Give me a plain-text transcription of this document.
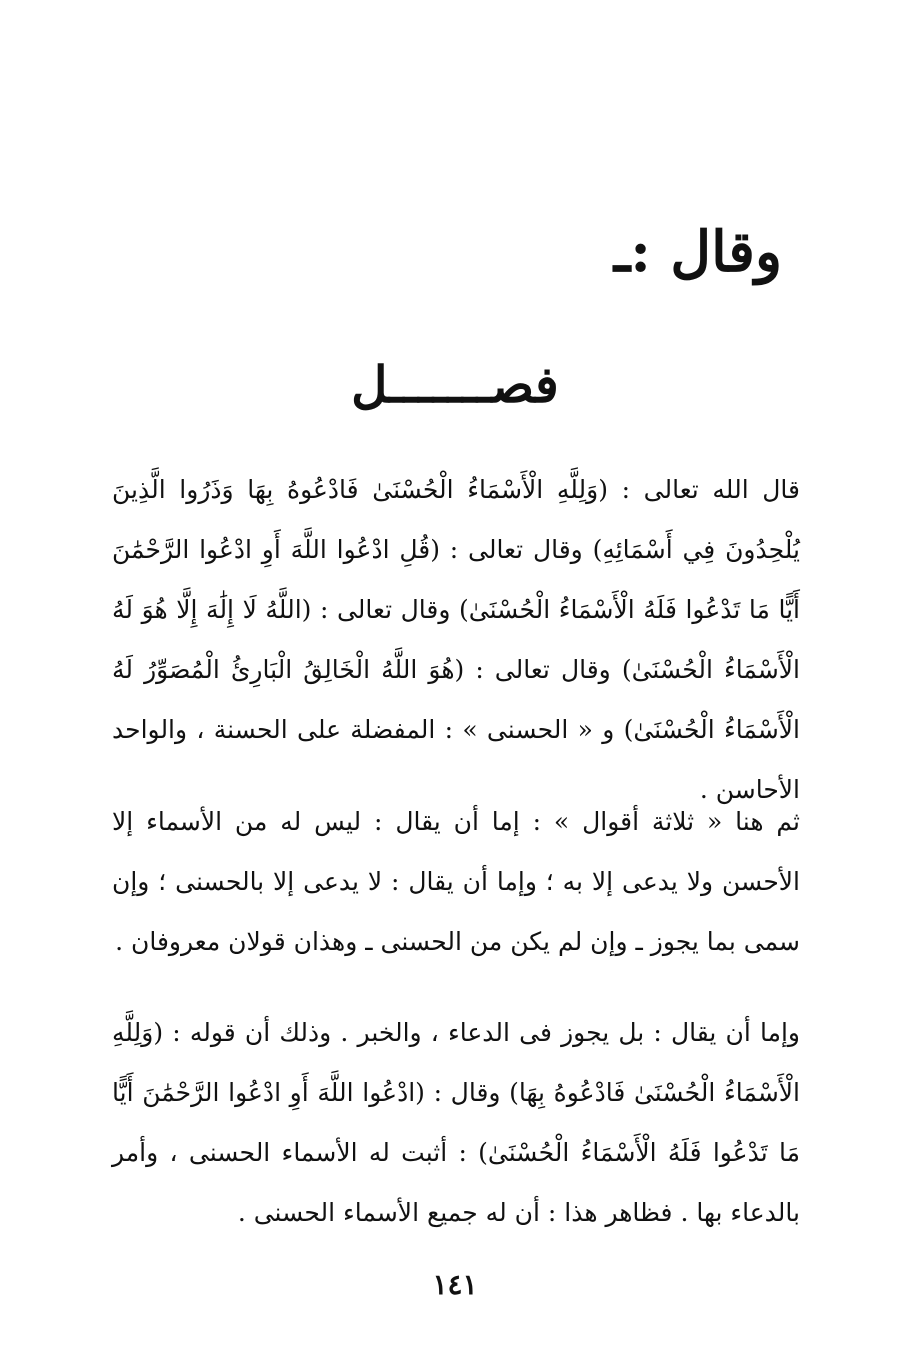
وقال :ـ
فصـــــــل

قال الله تعالى : (وَلِلَّهِ الْأَسْمَاءُ الْحُسْنَىٰ فَادْعُوهُ بِهَا وَذَرُوا الَّذِينَ يُلْحِدُونَ فِي أَسْمَائِهِ) وقال تعالى : (قُلِ ادْعُوا اللَّهَ أَوِ ادْعُوا الرَّحْمَٰنَ أَيًّا مَا تَدْعُوا فَلَهُ الْأَسْمَاءُ الْحُسْنَىٰ) وقال تعالى : (اللَّهُ لَا إِلَٰهَ إِلَّا هُوَ لَهُ الْأَسْمَاءُ الْحُسْنَىٰ) وقال تعالى : (هُوَ اللَّهُ الْخَالِقُ الْبَارِئُ الْمُصَوِّرُ لَهُ الْأَسْمَاءُ الْحُسْنَىٰ) و « الحسنى » : المفضلة على الحسنة ، والواحد الأحاسن .

ثم هنا « ثلاثة أقوال » : إما أن يقال : ليس له من الأسماء إلا الأحسن ولا يدعى إلا به ؛ وإما أن يقال : لا يدعى إلا بالحسنى ؛ وإن سمى بما يجوز ـ وإن لم يكن من الحسنى ـ وهذان قولان معروفان .

وإما أن يقال : بل يجوز فى الدعاء ، والخبر . وذلك أن قوله : (وَلِلَّهِ الْأَسْمَاءُ الْحُسْنَىٰ فَادْعُوهُ بِهَا) وقال : (ادْعُوا اللَّهَ أَوِ ادْعُوا الرَّحْمَٰنَ أَيًّا مَا تَدْعُوا فَلَهُ الْأَسْمَاءُ الْحُسْنَىٰ) : أثبت له الأسماء الحسنى ، وأمر بالدعاء بها . فظاهر هذا : أن له جميع الأسماء الحسنى .

١٤١
